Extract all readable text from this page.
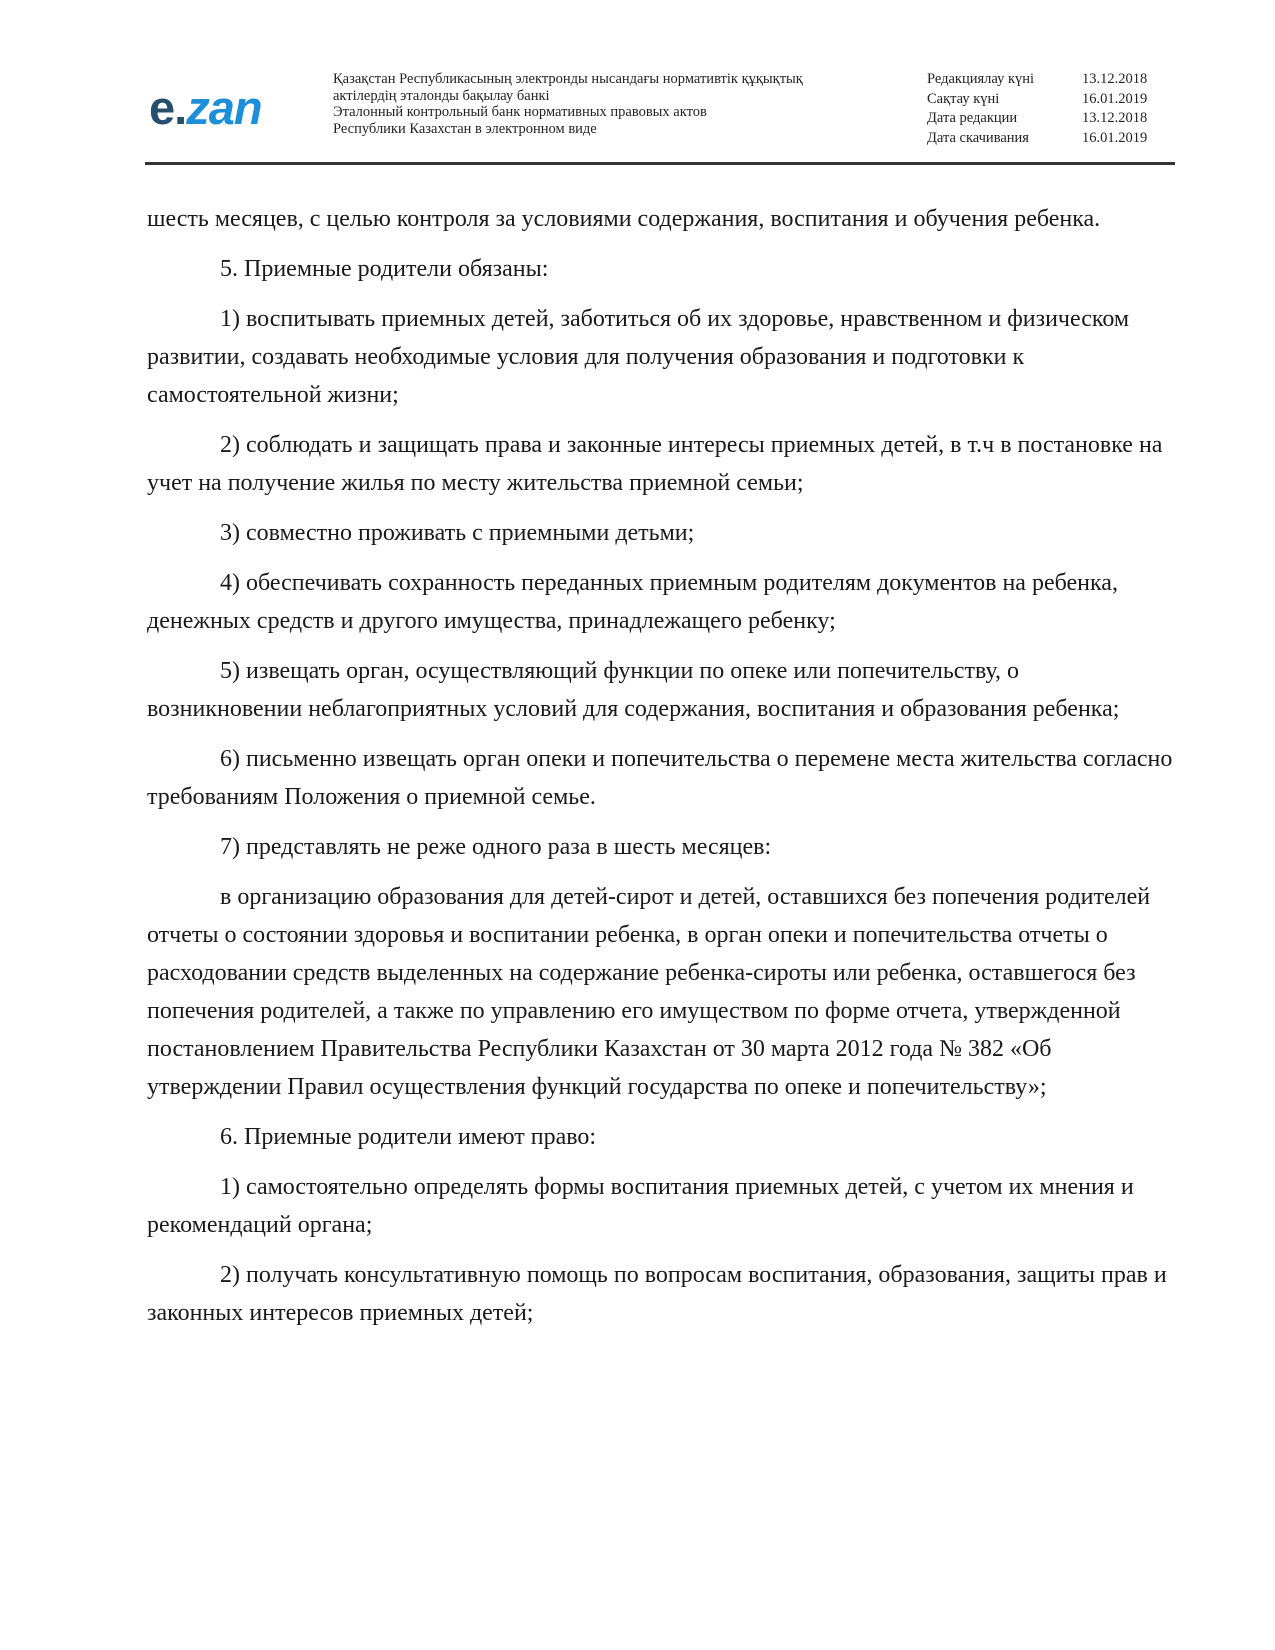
e.zan
Қазақстан Республикасының электронды нысандағы нормативтік құқықтық
актілердің эталонды бақылау банкі
Эталонный контрольный банк нормативных правовых актов
Республики Казахстан в электронном виде
Редакциялау күні	13.12.2018
Сақтау күні	16.01.2019
Дата редакции	13.12.2018
Дата скачивания	16.01.2019

шесть месяцев, с целью контроля за условиями содержания, воспитания и обучения ребенка.

5. Приемные родители обязаны:

1) воспитывать приемных детей, заботиться об их здоровье, нравственном и физическом развитии, создавать необходимые условия для получения образования и подготовки к самостоятельной жизни;

2) соблюдать и защищать права и законные интересы приемных детей, в т.ч в постановке на учет на получение жилья по месту жительства приемной семьи;

3) совместно проживать с приемными детьми;

4) обеспечивать сохранность переданных приемным родителям документов на ребенка, денежных средств и другого имущества, принадлежащего ребенку;

5) извещать орган, осуществляющий функции по опеке или попечительству, о возникновении неблагоприятных условий для содержания, воспитания и образования ребенка;

6) письменно извещать орган опеки и попечительства о перемене места жительства согласно требованиям Положения о приемной семье.

7) представлять не реже одного раза в шесть месяцев:

в организацию образования для детей-сирот и детей, оставшихся без попечения родителей отчеты о состоянии здоровья и воспитании ребенка, в орган опеки и попечительства отчеты о расходовании средств выделенных на содержание ребенка-сироты или ребенка, оставшегося без попечения родителей, а также по управлению его имуществом по форме отчета, утвержденной постановлением Правительства Республики Казахстан от 30 марта 2012 года № 382 «Об утверждении Правил осуществления функций государства по опеке и попечительству»;

6. Приемные родители имеют право:

1) самостоятельно определять формы воспитания приемных детей, с учетом их мнения и рекомендаций органа;

2) получать консультативную помощь по вопросам воспитания, образования, защиты прав и законных интересов приемных детей;
